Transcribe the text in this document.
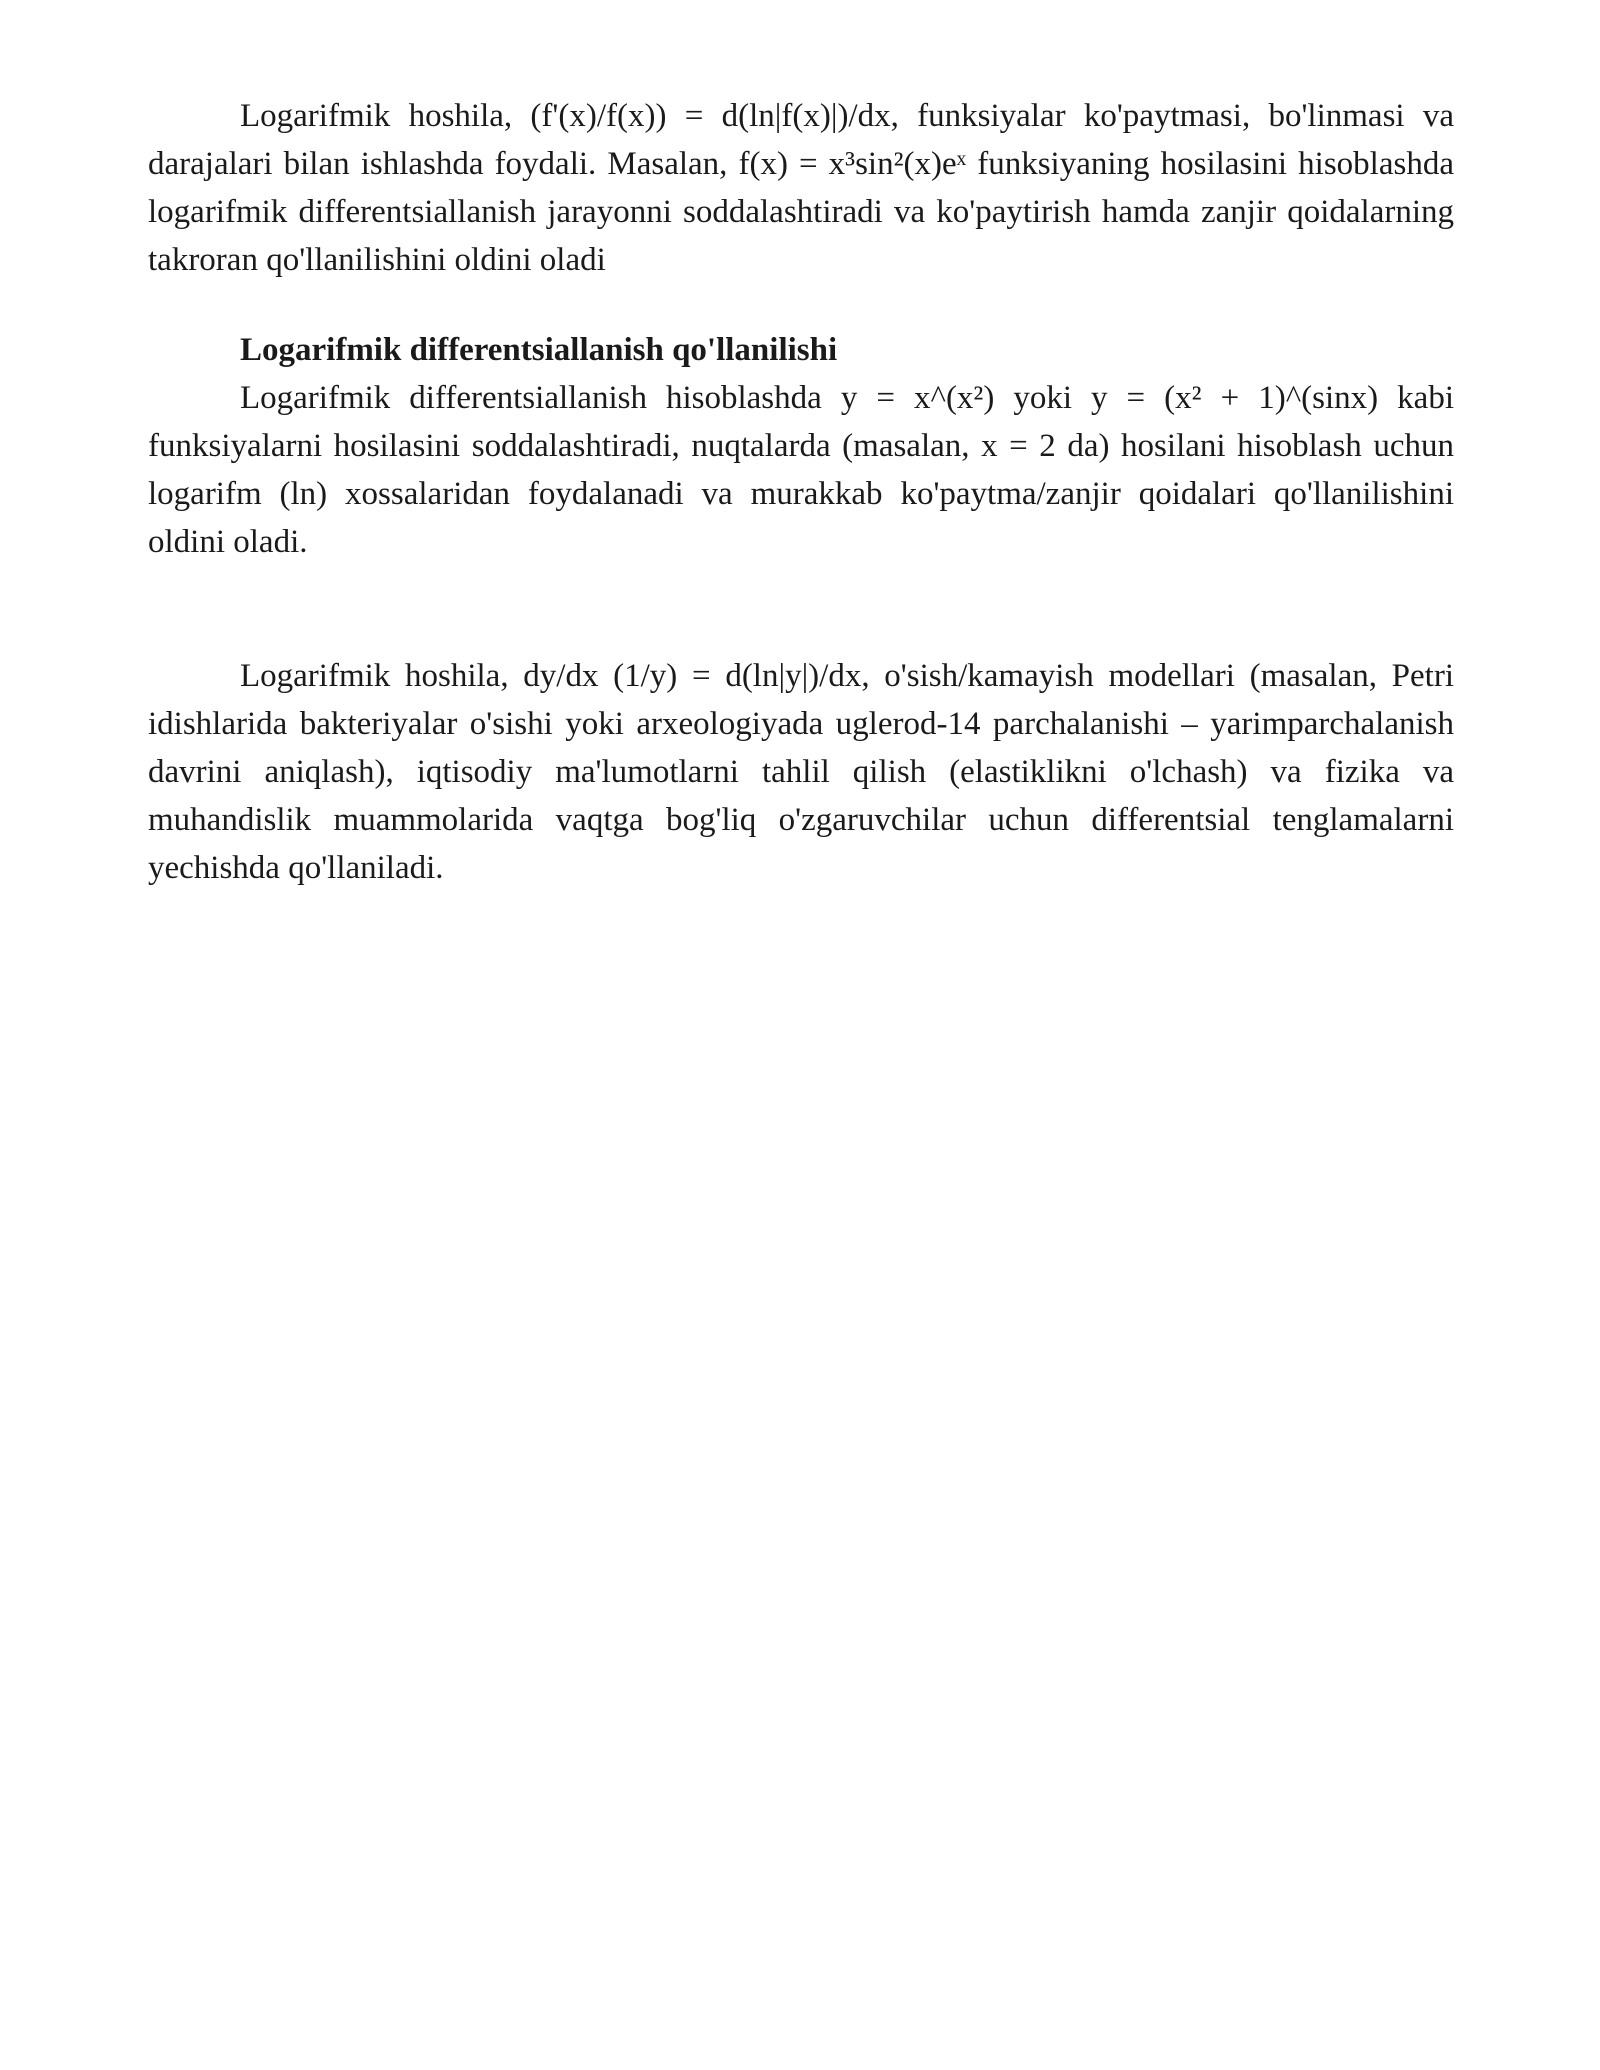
Logarifmik hoshila, (f'(x)/f(x)) = d(ln|f(x)|)/dx, funksiyalar ko'paytmasi, bo'linmasi va darajalari bilan ishlashda foydali. Masalan, f(x) = x³sin²(x)eˣ funksiyaning hosilasini hisoblashda logarifmik differentsiallanish jarayonni soddalashtiradi va ko'paytirish hamda zanjir qoidalarning takroran qo'llanilishini oldini oladi

Logarifmik differentsiallanish qo'llanilishi

Logarifmik differentsiallanish hisoblashda y = x^(x²) yoki y = (x² + 1)^(sinx) kabi funksiyalarni hosilasini soddalashtiradi, nuqtalarda (masalan, x = 2 da) hosilani hisoblash uchun logarifm (ln) xossalaridan foydalanadi va murakkab ko'paytma/zanjir qoidalari qo'llanilishini oldini oladi.

Logarifmik hoshila, dy/dx (1/y) = d(ln|y|)/dx, o'sish/kamayish modellari (masalan, Petri idishlarida bakteriyalar o'sishi yoki arxeologiyada uglerod-14 parchalanishi – yarimparchalanish davrini aniqlash), iqtisodiy ma'lumotlarni tahlil qilish (elastiklikni o'lchash) va fizika va muhandislik muammolarida vaqtga bog'liq o'zgaruvchilar uchun differentsial tenglamalarni yechishda qo'llaniladi.
